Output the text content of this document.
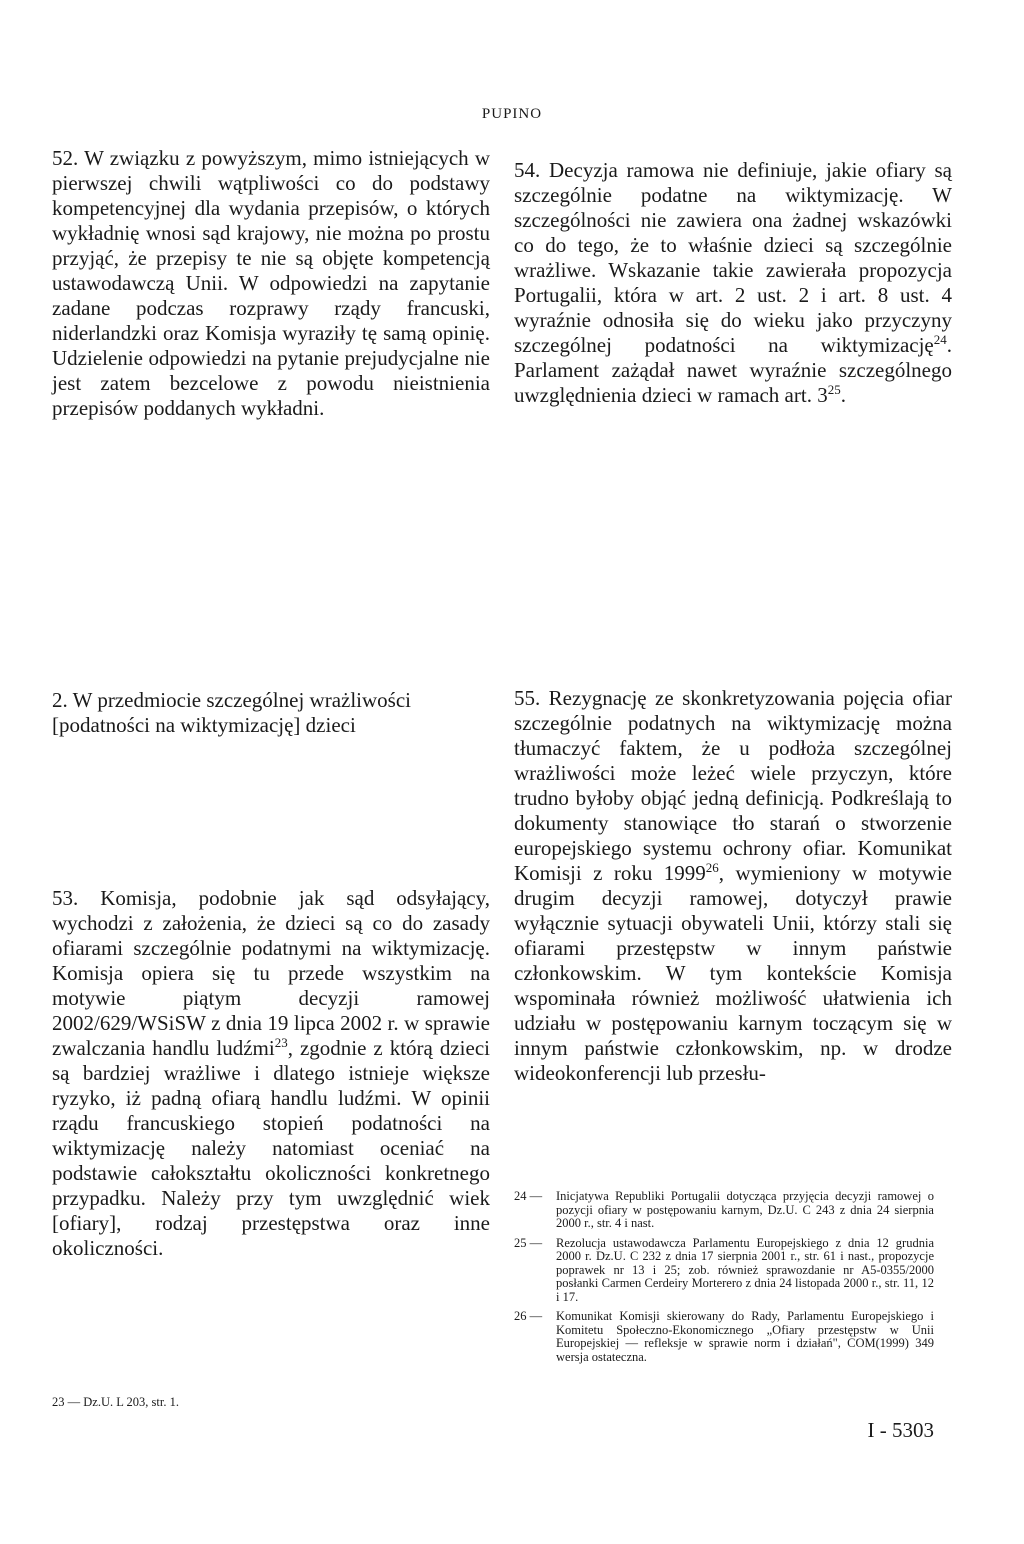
PUPINO
52. W związku z powyższym, mimo istniejących w pierwszej chwili wątpliwości co do podstawy kompetencyjnej dla wydania przepisów, o których wykładnię wnosi sąd krajowy, nie można po prostu przyjąć, że przepisy te nie są objęte kompetencją ustawodawczą Unii. W odpowiedzi na zapytanie zadane podczas rozprawy rządy francuski, niderlandzki oraz Komisja wyraziły tę samą opinię. Udzielenie odpowiedzi na pytanie prejudycjalne nie jest zatem bezcelowe z powodu nieistnienia przepisów poddanych wykładni.
2. W przedmiocie szczególnej wrażliwości [podatności na wiktymizację] dzieci
53. Komisja, podobnie jak sąd odsyłający, wychodzi z założenia, że dzieci są co do zasady ofiarami szczególnie podatnymi na wiktymizację. Komisja opiera się tu przede wszystkim na motywie piątym decyzji ramowej 2002/629/WSiSW z dnia 19 lipca 2002 r. w sprawie zwalczania handlu ludźmi$^{23}$, zgodnie z którą dzieci są bardziej wrażliwe i dlatego istnieje większe ryzyko, iż padną ofiarą handlu ludźmi. W opinii rządu francuskiego stopień podatności na wiktymizację należy natomiast oceniać na podstawie całokształtu okoliczności konkretnego przypadku. Należy przy tym uwzględnić wiek [ofiary], rodzaj przestępstwa oraz inne okoliczności.
23 — Dz.U. L 203, str. 1.
54. Decyzja ramowa nie definiuje, jakie ofiary są szczególnie podatne na wiktymizację. W szczególności nie zawiera ona żadnej wskazówki co do tego, że to właśnie dzieci są szczególnie wrażliwe. Wskazanie takie zawierała propozycja Portugalii, która w art. 2 ust. 2 i art. 8 ust. 4 wyraźnie odnosiła się do wieku jako przyczyny szczególnej podatności na wiktymizację$^{24}$. Parlament zażądał nawet wyraźnie szczególnego uwzględnienia dzieci w ramach art. $3^{25}$.
55. Rezygnację ze skonkretyzowania pojęcia ofiar szczególnie podatnych na wiktymizację można tłumaczyć faktem, że u podłoża szczególnej wrażliwości może leżeć wiele przyczyn, które trudno byłoby objąć jedną definicją. Podkreślają to dokumenty stanowiące tło starań o stworzenie europejskiego systemu ochrony ofiar. Komunikat Komisji z roku 1999$^{26}$, wymieniony w motywie drugim decyzji ramowej, dotyczył prawie wyłącznie sytuacji obywateli Unii, którzy stali się ofiarami przestępstw w innym państwie członkowskim. W tym kontekście Komisja wspominała również możliwość ułatwienia ich udziału w postępowaniu karnym toczącym się w innym państwie członkowskim, np. w drodze wideokonferencji lub przesłu-
24 —	Inicjatywa Republiki Portugalii dotycząca przyjęcia decyzji ramowej o pozycji ofiary w postępowaniu karnym, Dz.U. C 243 z dnia 24 sierpnia 2000 r., str. 4 i nast.
25 —	Rezolucja ustawodawcza Parlamentu Europejskiego z dnia 12 grudnia 2000 r. Dz.U. C 232 z dnia 17 sierpnia 2001 r., str. 61 i nast., propozycje poprawek nr 13 i 25; zob. również sprawozdanie nr A5-0355/2000 posłanki Carmen Cerdeiry Morterero z dnia 24 listopada 2000 r., str. 11, 12 i 17.
26 —	Komunikat Komisji skierowany do Rady, Parlamentu Europejskiego i Komitetu Społeczno-Ekonomicznego „Ofiary przestępstw w Unii Europejskiej — refleksje w sprawie norm i działań", COM(1999) 349 wersja ostateczna.
I - 5303
